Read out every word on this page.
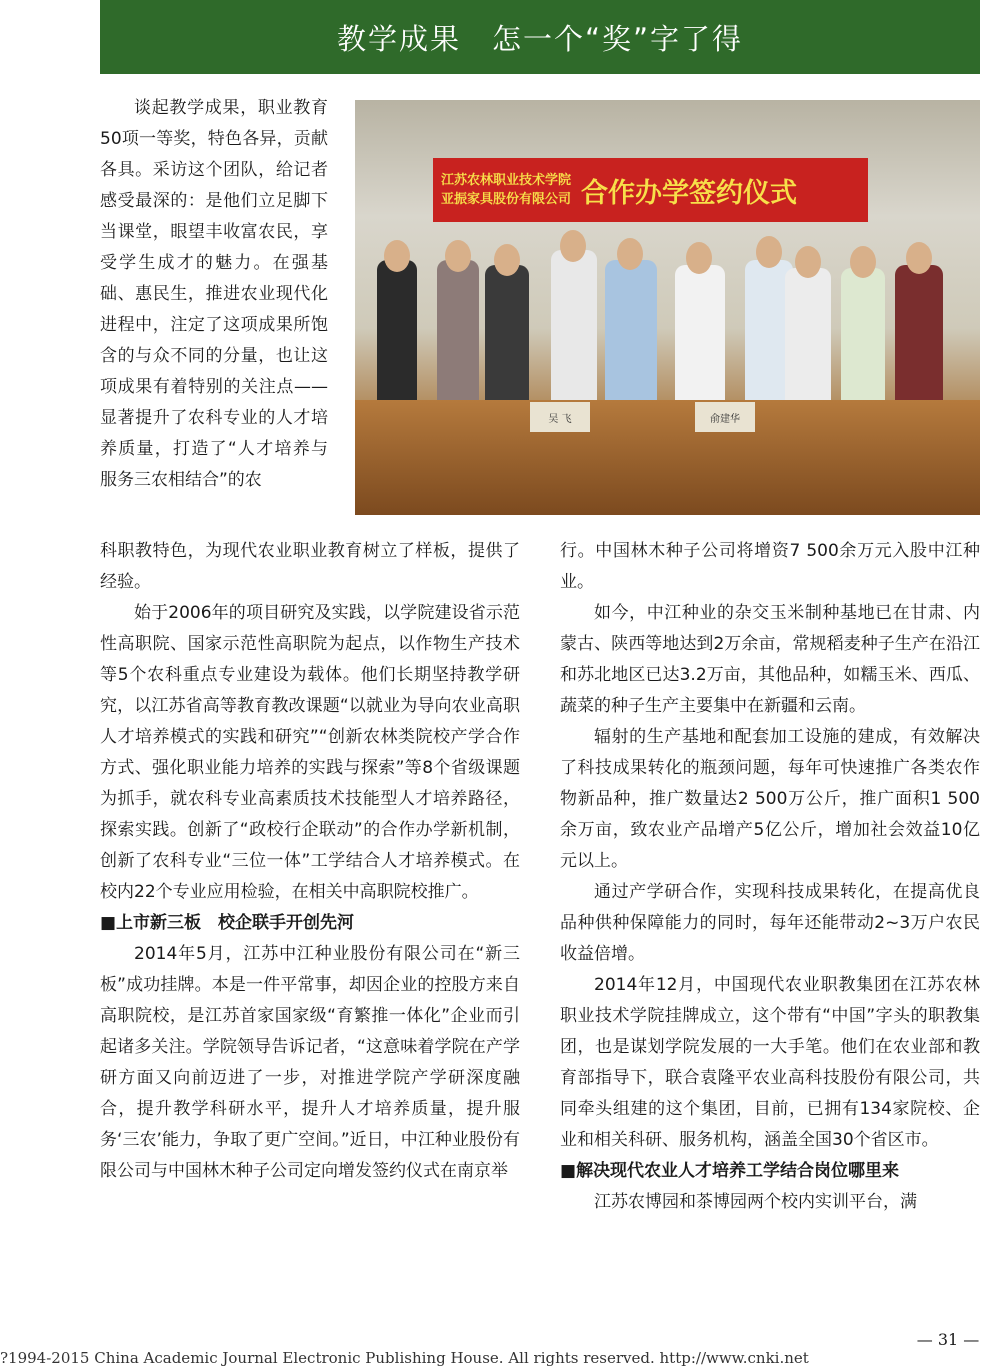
教学成果　怎一个“奖”字了得

谈起教学成果，职业教育50项一等奖，特色各异，贡献各具。采访这个团队，给记者感受最深的：是他们立足脚下当课堂，眼望丰收富农民，享受学生成才的魅力。在强基础、惠民生，推进农业现代化进程中，注定了这项成果所饱含的与众不同的分量，也让这项成果有着特别的关注点——显著提升了农科专业的人才培养质量，打造了“人才培养与服务三农相结合”的农

江苏农林职业技术学院
亚振家具股份有限公司 合作办学签约仪式
吴 飞	俞建华

科职教特色，为现代农业职业教育树立了样板，提供了经验。

始于2006年的项目研究及实践，以学院建设省示范性高职院、国家示范性高职院为起点，以作物生产技术等5个农科重点专业建设为载体。他们长期坚持教学研究，以江苏省高等教育教改课题“以就业为导向农业高职人才培养模式的实践和研究”“创新农林类院校产学合作方式、强化职业能力培养的实践与探索”等8个省级课题为抓手，就农科专业高素质技术技能型人才培养路径，探索实践。创新了“政校行企联动”的合作办学新机制，创新了农科专业“三位一体”工学结合人才培养模式。在校内22个专业应用检验，在相关中高职院校推广。

■上市新三板　校企联手开创先河

2014年5月，江苏中江种业股份有限公司在“新三板”成功挂牌。本是一件平常事，却因企业的控股方来自高职院校，是江苏首家国家级“育繁推一体化”企业而引起诸多关注。学院领导告诉记者，“这意味着学院在产学研方面又向前迈进了一步，对推进学院产学研深度融合，提升教学科研水平，提升人才培养质量，提升服务‘三农’能力，争取了更广空间。”近日，中江种业股份有限公司与中国林木种子公司定向增发签约仪式在南京举

行。中国林木种子公司将增资7 500余万元入股中江种业。

如今，中江种业的杂交玉米制种基地已在甘肃、内蒙古、陕西等地达到2万余亩，常规稻麦种子生产在沿江和苏北地区已达3.2万亩，其他品种，如糯玉米、西瓜、蔬菜的种子生产主要集中在新疆和云南。

辐射的生产基地和配套加工设施的建成，有效解决了科技成果转化的瓶颈问题，每年可快速推广各类农作物新品种，推广数量达2 500万公斤，推广面积1 500余万亩，致农业产品增产5亿公斤，增加社会效益10亿元以上。

通过产学研合作，实现科技成果转化，在提高优良品种供种保障能力的同时，每年还能带动2~3万户农民收益倍增。

2014年12月，中国现代农业职教集团在江苏农林职业技术学院挂牌成立，这个带有“中国”字头的职教集团，也是谋划学院发展的一大手笔。他们在农业部和教育部指导下，联合袁隆平农业高科技股份有限公司，共同牵头组建的这个集团，目前，已拥有134家院校、企业和相关科研、服务机构，涵盖全国30个省区市。

■解决现代农业人才培养工学结合岗位哪里来

江苏农博园和茶博园两个校内实训平台，满

— 31 —
?1994-2015 China Academic Journal Electronic Publishing House. All rights reserved. http://www.cnki.net
